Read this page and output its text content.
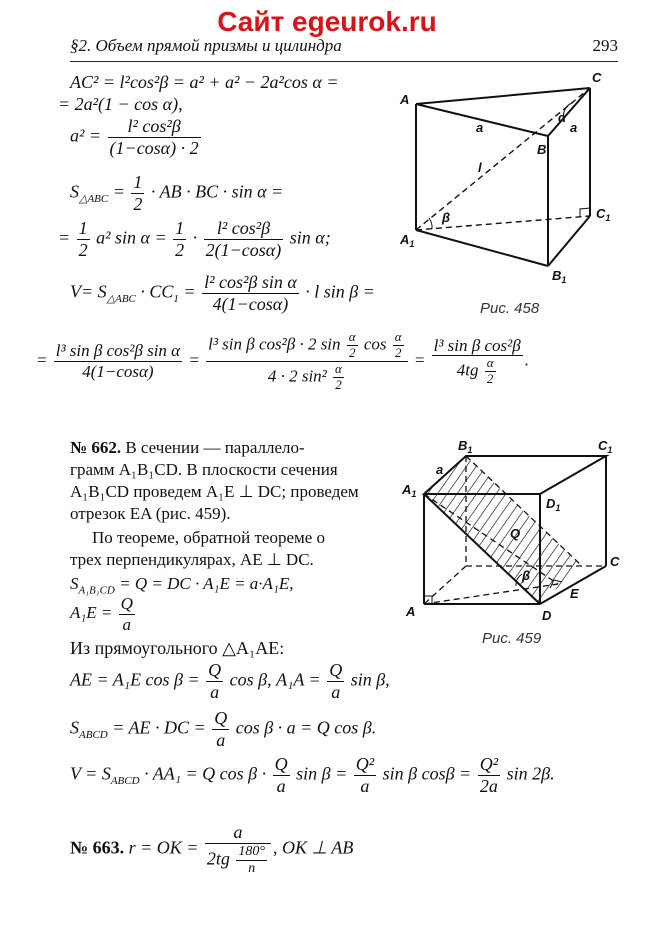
Сайт egeurok.ru
§2. Объем прямой призмы и цилиндра	293
AC² = l²cos²β = a² + a² − 2a²cos α =
= 2a²(1 − cos α),
$a^2 = \frac{\text{l² cos²β}}{(1-\cos\alpha) \cdot 2}$
$S_{\triangle ABC} = \frac{1}{2}$ · AB · BC · sin α =
= $\frac{1}{2} a^2$ $\sin \alpha = \frac{1}{2} \cdot \frac{\text{l² cos²β}}{2(1-\cos\alpha)}$ sin α;
$V= S_{\triangle ABC} \cdot CC_1 = \frac{\text{l² cos²β sin α}}{4(1-\cos\alpha)} \cdot l$ sin β =
= $\frac{\text{l³ sin β cos²β sin α}}{4(1-\cos\alpha)} = \frac{l^3 \sin \beta \cos^2\beta \cdot 2 \sin \frac{\alpha}{2} \cos \frac{\alpha}{2}}{4 \cdot 2 \sin^2 \frac{\alpha}{2}} = \frac{\text{l³ sin β cos²β}}{4tg \frac{\alpha}{2}}$ .
A
C
B
$A_1$
$C_1$
$B_1$
a	a
l
α
β
Рис. 458
№ 662. В сечении — параллело-
грамм A₁B₁CD. В плоскости сечения
A₁B₁CD проведем A₁E ⊥ DC; проведем
отрезок EA (рис. 459).
По теореме, обратной теореме о
трех перпендикулярах, AE ⊥ DC.
$S_{A_1B_1CD} = Q$ = DC · A₁E = a·A₁E,
$A_1E = \frac{Q}{a}$
Из прямоугольного △A₁AE:
AE = A₁E $\cos \beta = \frac{Q}{a}$ cos β, $A_1A = \frac{Q}{a}$ sin β,
$S_{ABCD}$ = AE · DC = $\frac{Q}{a}$ cos β · a = Q cos β.
$V = S_{ABCD} \cdot AA_1 = Q$ $\cos \beta \cdot \frac{Q}{a}$ $\sin \beta = \frac{\text{Q²}}{a}$ sin β $\cos\beta = \frac{\text{Q²}}{2a}$ sin 2β.
$B_1$	$C_1$
$A_1$
$D_1$
A	D
E
C
a
Q
β
Рис. 459
№ 663. r = OK = $\frac{a}{2tg \frac{180^\circ}{n}}$ , OK ⊥ AB
